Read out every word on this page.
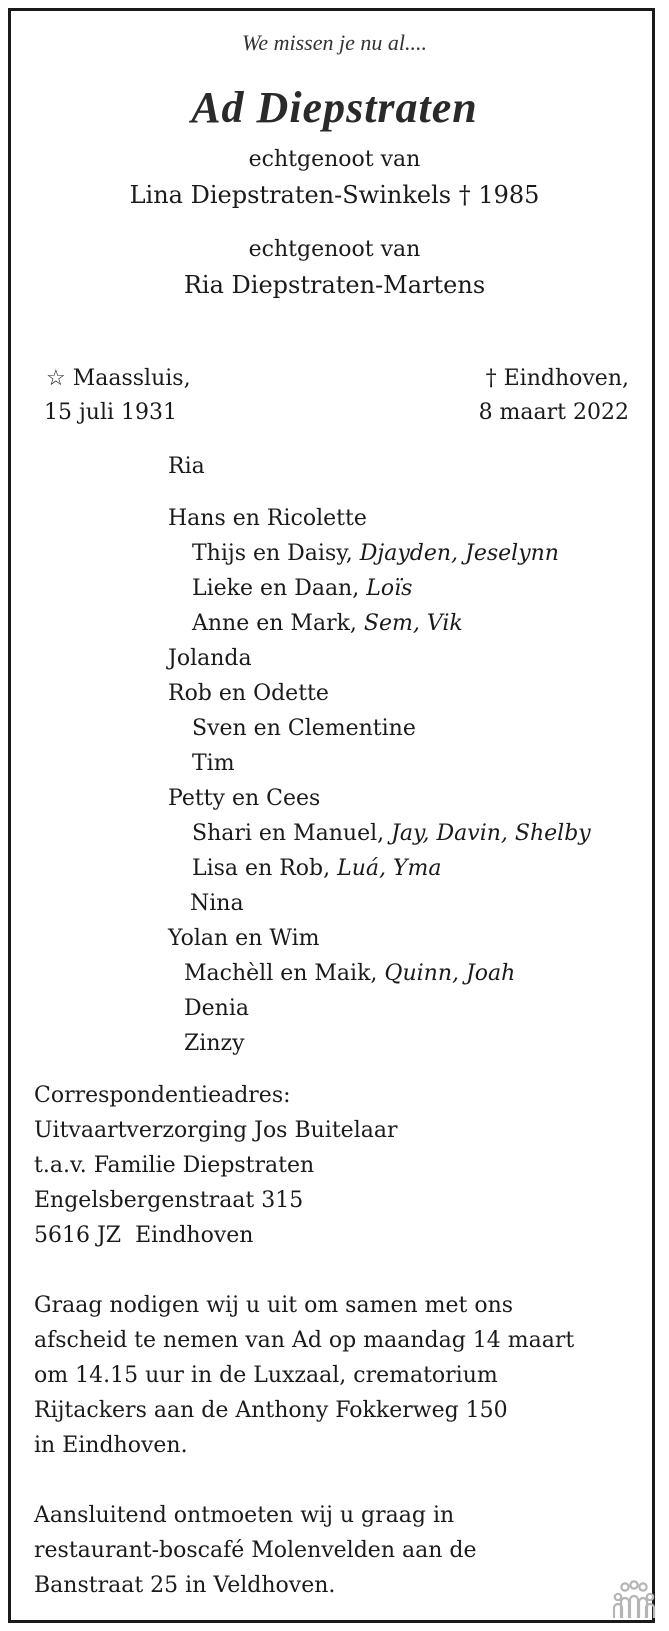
We missen je nu al....
Ad Diepstraten
echtgenoot van
Lina Diepstraten-Swinkels † 1985
echtgenoot van
Ria Diepstraten-Martens
☆ Maassluis,
15 juli 1931
† Eindhoven,
8 maart 2022
Ria
Hans en Ricolette
Thijs en Daisy, Djayden, Jeselynn
Lieke en Daan, Loïs
Anne en Mark, Sem, Vik
Jolanda
Rob en Odette
Sven en Clementine
Tim
Petty en Cees
Shari en Manuel, Jay, Davin, Shelby
Lisa en Rob, Luá, Yma
Nina
Yolan en Wim
Machèll en Maik, Quinn, Joah
Denia
Zinzy
Correspondentieadres:
Uitvaartverzorging Jos Buitelaar
t.a.v. Familie Diepstraten
Engelsbergenstraat 315
5616 JZ  Eindhoven
Graag nodigen wij u uit om samen met ons
afscheid te nemen van Ad op maandag 14 maart
om 14.15 uur in de Luxzaal, crematorium
Rijtackers aan de Anthony Fokkerweg 150
in Eindhoven.
Aansluitend ontmoeten wij u graag in
restaurant-boscafé Molenvelden aan de
Banstraat 25 in Veldhoven.
